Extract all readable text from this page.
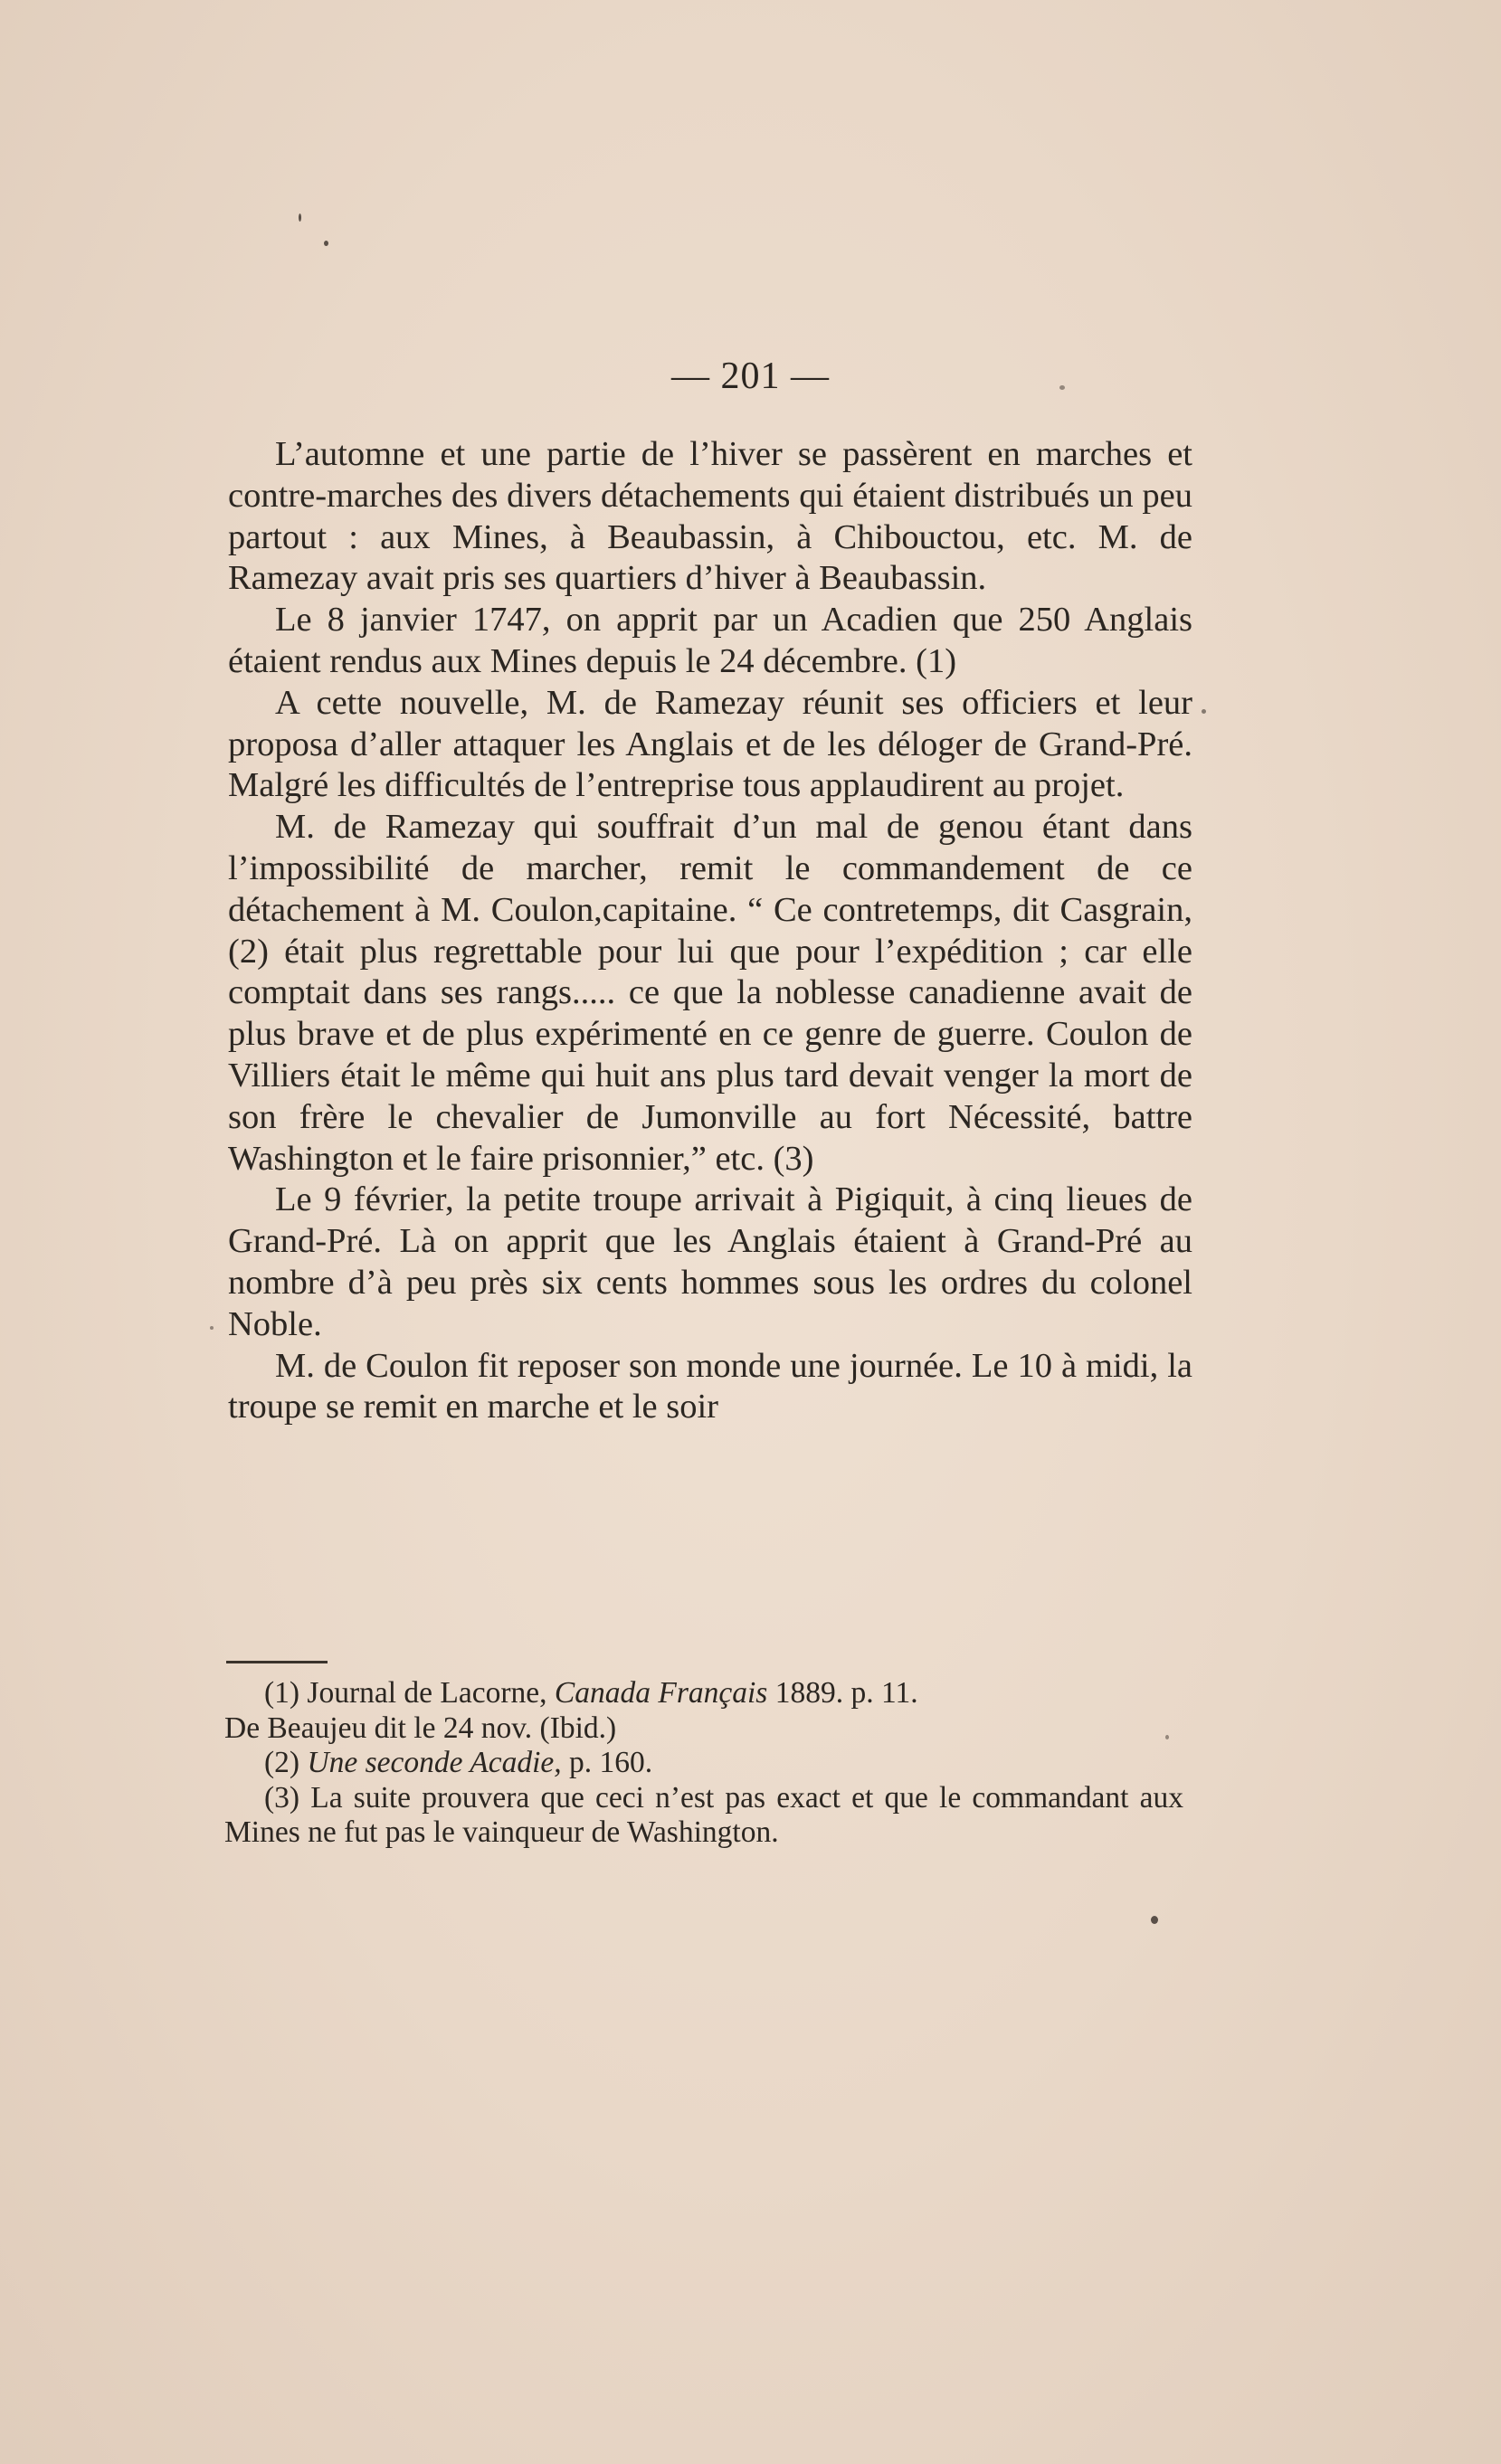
— 201 —

L’automne et une partie de l’hiver se passèrent en marches et contre-marches des divers détachements qui étaient distribués un peu partout : aux Mines, à Beaubassin, à Chibouctou, etc. M. de Ramezay avait pris ses quartiers d’hiver à Beaubassin.

Le 8 janvier 1747, on apprit par un Acadien que 250 Anglais étaient rendus aux Mines depuis le 24 décembre. (1)

A cette nouvelle, M. de Ramezay réunit ses officiers et leur proposa d’aller attaquer les Anglais et de les déloger de Grand-Pré. Malgré les difficultés de l’entreprise tous applaudirent au projet.

M. de Ramezay qui souffrait d’un mal de genou étant dans l’impossibilité de marcher, remit le commandement de ce détachement à M. Coulon,capitaine. “ Ce contretemps, dit Casgrain, (2) était plus regrettable pour lui que pour l’expédition ; car elle comptait dans ses rangs..... ce que la noblesse canadienne avait de plus brave et de plus expérimenté en ce genre de guerre. Coulon de Villiers était le même qui huit ans plus tard devait venger la mort de son frère le chevalier de Jumonville au fort Nécessité, battre Washington et le faire prisonnier,” etc. (3)

Le 9 février, la petite troupe arrivait à Pigiquit, à cinq lieues de Grand-Pré. Là on apprit que les Anglais étaient à Grand-Pré au nombre d’à peu près six cents hommes sous les ordres du colonel Noble.

M. de Coulon fit reposer son monde une journée. Le 10 à midi, la troupe se remit en marche et le soir

(1) Journal de Lacorne, Canada Français 1889. p. 11.

De Beaujeu dit le 24 nov. (Ibid.)

(2) Une seconde Acadie, p. 160.

(3) La suite prouvera que ceci n’est pas exact et que le commandant aux Mines ne fut pas le vainqueur de Washington.
